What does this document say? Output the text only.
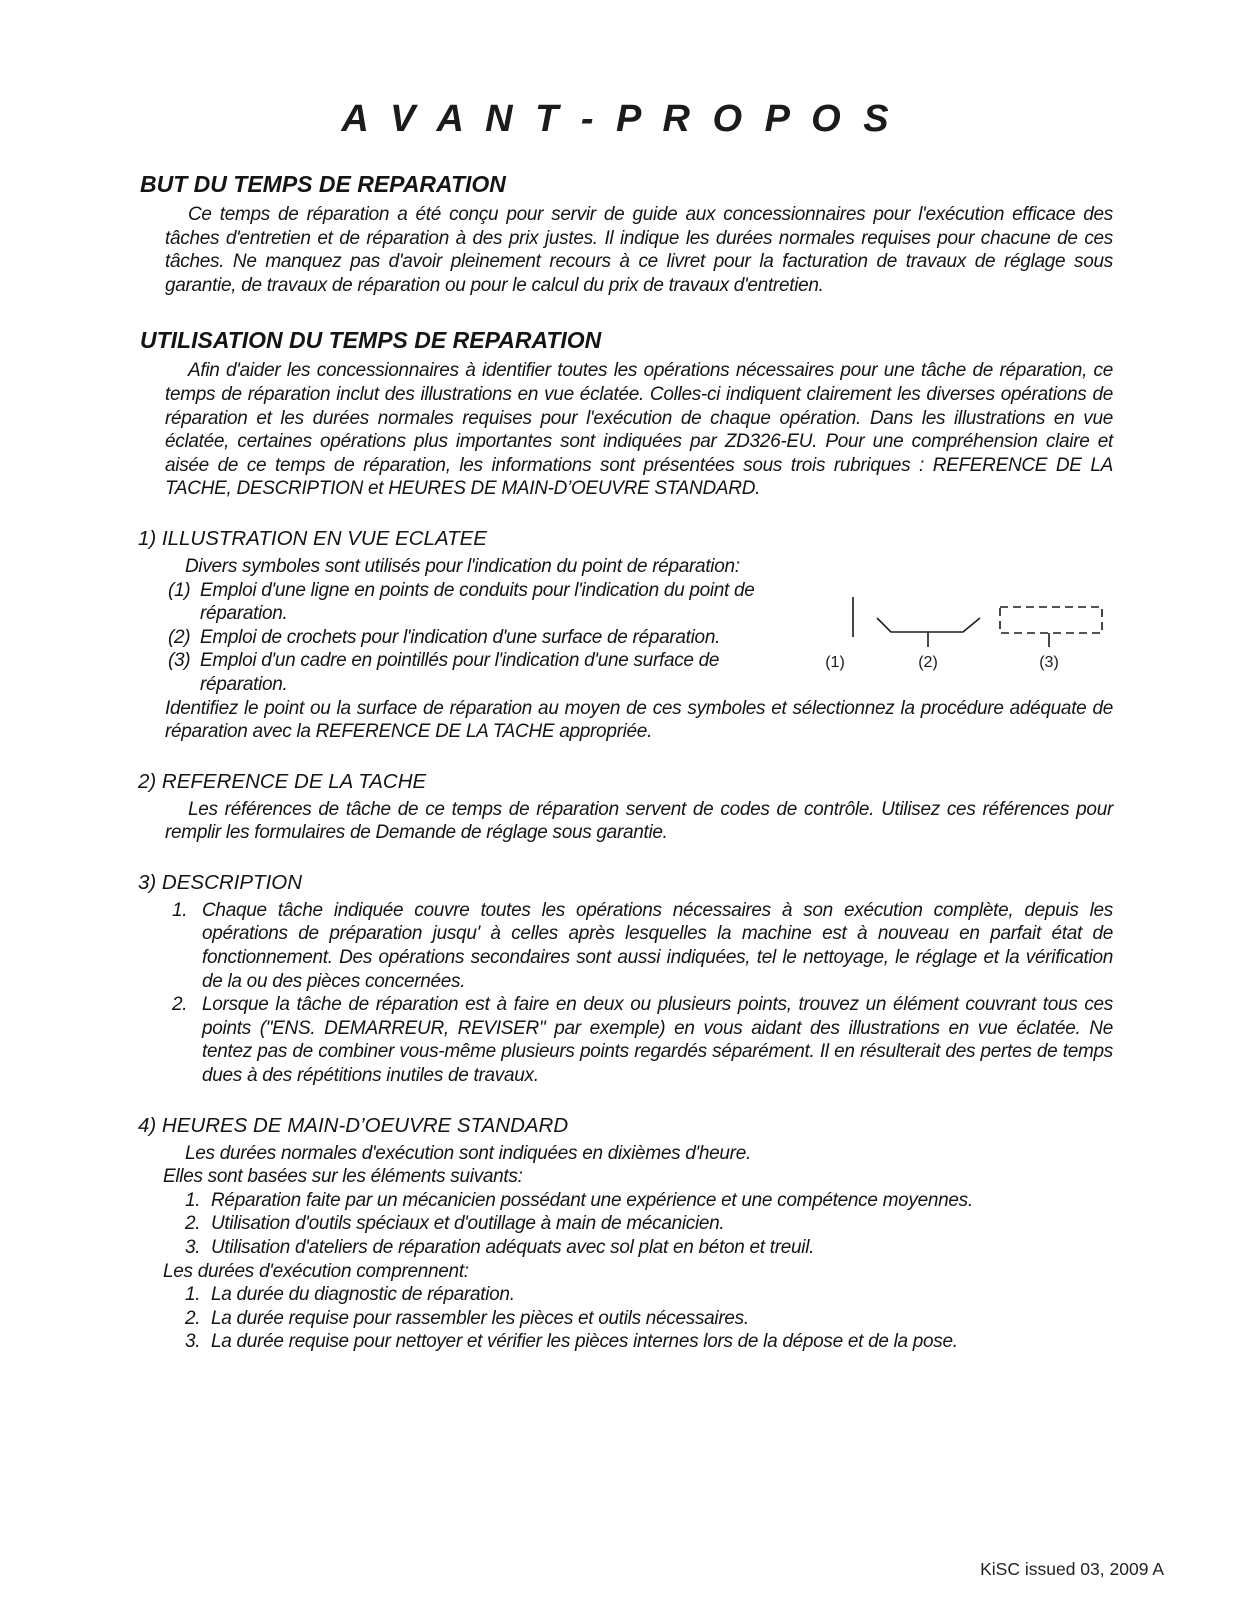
A V A N T - P R O P O S
BUT DU TEMPS DE REPARATION

Ce temps de réparation a été conçu pour servir de guide aux concessionnaires pour l'exécution efficace des tâches d'entretien et de réparation à des prix justes. Il indique les durées normales requises pour chacune de ces tâches. Ne manquez pas d'avoir pleinement recours à ce livret pour la facturation de travaux de réglage sous garantie, de travaux de réparation ou pour le calcul du prix de travaux d'entretien.

UTILISATION DU TEMPS DE REPARATION

Afin d'aider les concessionnaires à identifier toutes les opérations nécessaires pour une tâche de réparation, ce temps de réparation inclut des illustrations en vue éclatée. Colles-ci indiquent clairement les diverses opérations de réparation et les durées normales requises pour l'exécution de chaque opération. Dans les illustrations en vue éclatée, certaines opérations plus importantes sont indiquées par ZD326-EU. Pour une compréhension claire et aisée de ce temps de réparation, les informations sont présentées sous trois rubriques : REFERENCE DE LA TACHE, DESCRIPTION et HEURES DE MAIN-D’OEUVRE STANDARD.

1) ILLUSTRATION EN VUE ECLATEE

Divers symboles sont utilisés pour l'indication du point de réparation:

(1) Emploi d'une ligne en points de conduits pour l'indication du point de réparation.
(2) Emploi de crochets pour l'indication d'une surface de réparation.
(3) Emploi d'un cadre en pointillés pour l'indication d'une surface de réparation.
(1)	(2)	(3)

Identifiez le point ou la surface de réparation au moyen de ces symboles et sélectionnez la procédure adéquate de réparation avec la REFERENCE DE LA TACHE appropriée.

2) REFERENCE DE LA TACHE

Les références de tâche de ce temps de réparation servent de codes de contrôle. Utilisez ces références pour remplir les formulaires de Demande de réglage sous garantie.

3) DESCRIPTION
1. Chaque tâche indiquée couvre toutes les opérations nécessaires à son exécution complète, depuis les opérations de préparation jusqu' à celles après lesquelles la machine est à nouveau en parfait état de fonctionnement. Des opérations secondaires sont aussi indiquées, tel le nettoyage, le réglage et la vérification de la ou des pièces concernées.
2. Lorsque la tâche de réparation est à faire en deux ou plusieurs points, trouvez un élément couvrant tous ces points ("ENS. DEMARREUR, REVISER" par exemple) en vous aidant des illustrations en vue éclatée. Ne tentez pas de combiner vous-même plusieurs points regardés séparément. Il en résulterait des pertes de temps dues à des répétitions inutiles de travaux.
4) HEURES DE MAIN-D’OEUVRE STANDARD

Les durées normales d'exécution sont indiquées en dixièmes d'heure.

Elles sont basées sur les éléments suivants:

1. Réparation faite par un mécanicien possédant une expérience et une compétence moyennes.
2. Utilisation d'outils spéciaux et d'outillage à main de mécanicien.
3. Utilisation d'ateliers de réparation adéquats avec sol plat en béton et treuil.

Les durées d'exécution comprennent:

1. La durée du diagnostic de réparation.
2. La durée requise pour rassembler les pièces et outils nécessaires.
3. La durée requise pour nettoyer et vérifier les pièces internes lors de la dépose et de la pose.
KiSC issued 03, 2009 A
